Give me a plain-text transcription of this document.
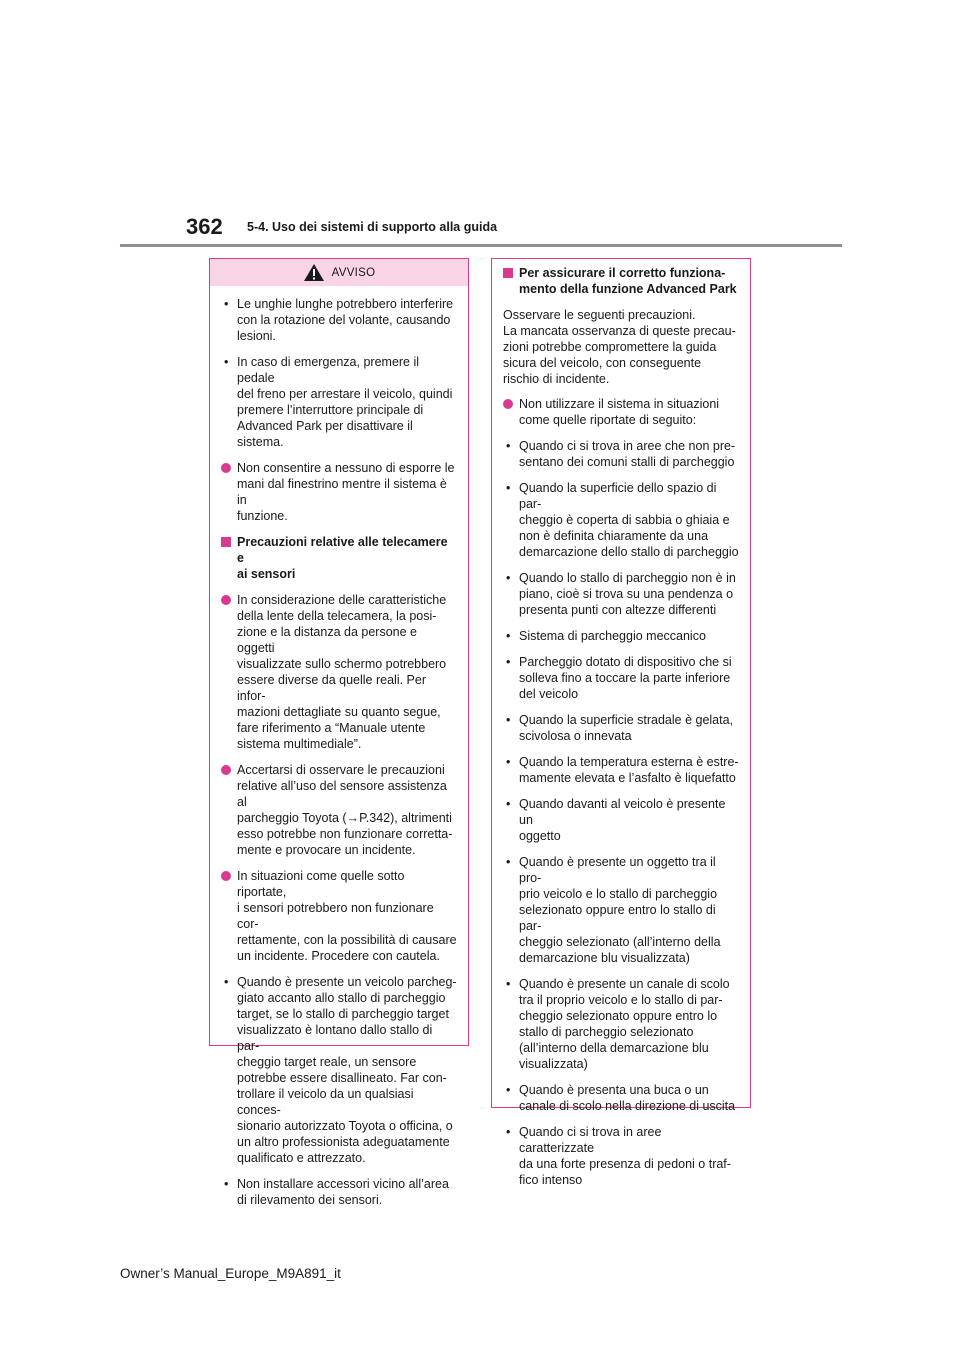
362 5-4. Uso dei sistemi di supporto alla guida
AVVISO
• Le unghie lunghe potrebbero interferire
con la rotazione del volante, causando
lesioni.
• In caso di emergenza, premere il pedale
del freno per arrestare il veicolo, quindi
premere l’interruttore principale di
Advanced Park per disattivare il
sistema.
Non consentire a nessuno di esporre le
mani dal finestrino mentre il sistema è in
funzione.
Precauzioni relative alle telecamere e
ai sensori
In considerazione delle caratteristiche
della lente della telecamera, la posi-
zione e la distanza da persone e oggetti
visualizzate sullo schermo potrebbero
essere diverse da quelle reali. Per infor-
mazioni dettagliate su quanto segue,
fare riferimento a “Manuale utente
sistema multimediale”.
Accertarsi di osservare le precauzioni
relative all’uso del sensore assistenza al
parcheggio Toyota (→P.342), altrimenti
esso potrebbe non funzionare corretta-
mente e provocare un incidente.
In situazioni come quelle sotto riportate,
i sensori potrebbero non funzionare cor-
rettamente, con la possibilità di causare
un incidente. Procedere con cautela.
• Quando è presente un veicolo parcheg-
giato accanto allo stallo di parcheggio
target, se lo stallo di parcheggio target
visualizzato è lontano dallo stallo di par-
cheggio target reale, un sensore
potrebbe essere disallineato. Far con-
trollare il veicolo da un qualsiasi conces-
sionario autorizzato Toyota o officina, o
un altro professionista adeguatamente
qualificato e attrezzato.
• Non installare accessori vicino all’area
di rilevamento dei sensori.
Per assicurare il corretto funziona-
mento della funzione Advanced Park
Osservare le seguenti precauzioni.
La mancata osservanza di queste precau-
zioni potrebbe compromettere la guida
sicura del veicolo, con conseguente
rischio di incidente.
Non utilizzare il sistema in situazioni
come quelle riportate di seguito:
• Quando ci si trova in aree che non pre-
sentano dei comuni stalli di parcheggio
• Quando la superficie dello spazio di par-
cheggio è coperta di sabbia o ghiaia e
non è definita chiaramente da una
demarcazione dello stallo di parcheggio
• Quando lo stallo di parcheggio non è in
piano, cioè si trova su una pendenza o
presenta punti con altezze differenti
• Sistema di parcheggio meccanico
• Parcheggio dotato di dispositivo che si
solleva fino a toccare la parte inferiore
del veicolo
• Quando la superficie stradale è gelata,
scivolosa o innevata
• Quando la temperatura esterna è estre-
mamente elevata e l’asfalto è liquefatto
• Quando davanti al veicolo è presente un
oggetto
• Quando è presente un oggetto tra il pro-
prio veicolo e lo stallo di parcheggio
selezionato oppure entro lo stallo di par-
cheggio selezionato (all’interno della
demarcazione blu visualizzata)
• Quando è presente un canale di scolo
tra il proprio veicolo e lo stallo di par-
cheggio selezionato oppure entro lo
stallo di parcheggio selezionato
(all’interno della demarcazione blu
visualizzata)
• Quando è presenta una buca o un
canale di scolo nella direzione di uscita
• Quando ci si trova in aree caratterizzate
da una forte presenza di pedoni o traf-
fico intenso
Owner’s Manual_Europe_M9A891_it
